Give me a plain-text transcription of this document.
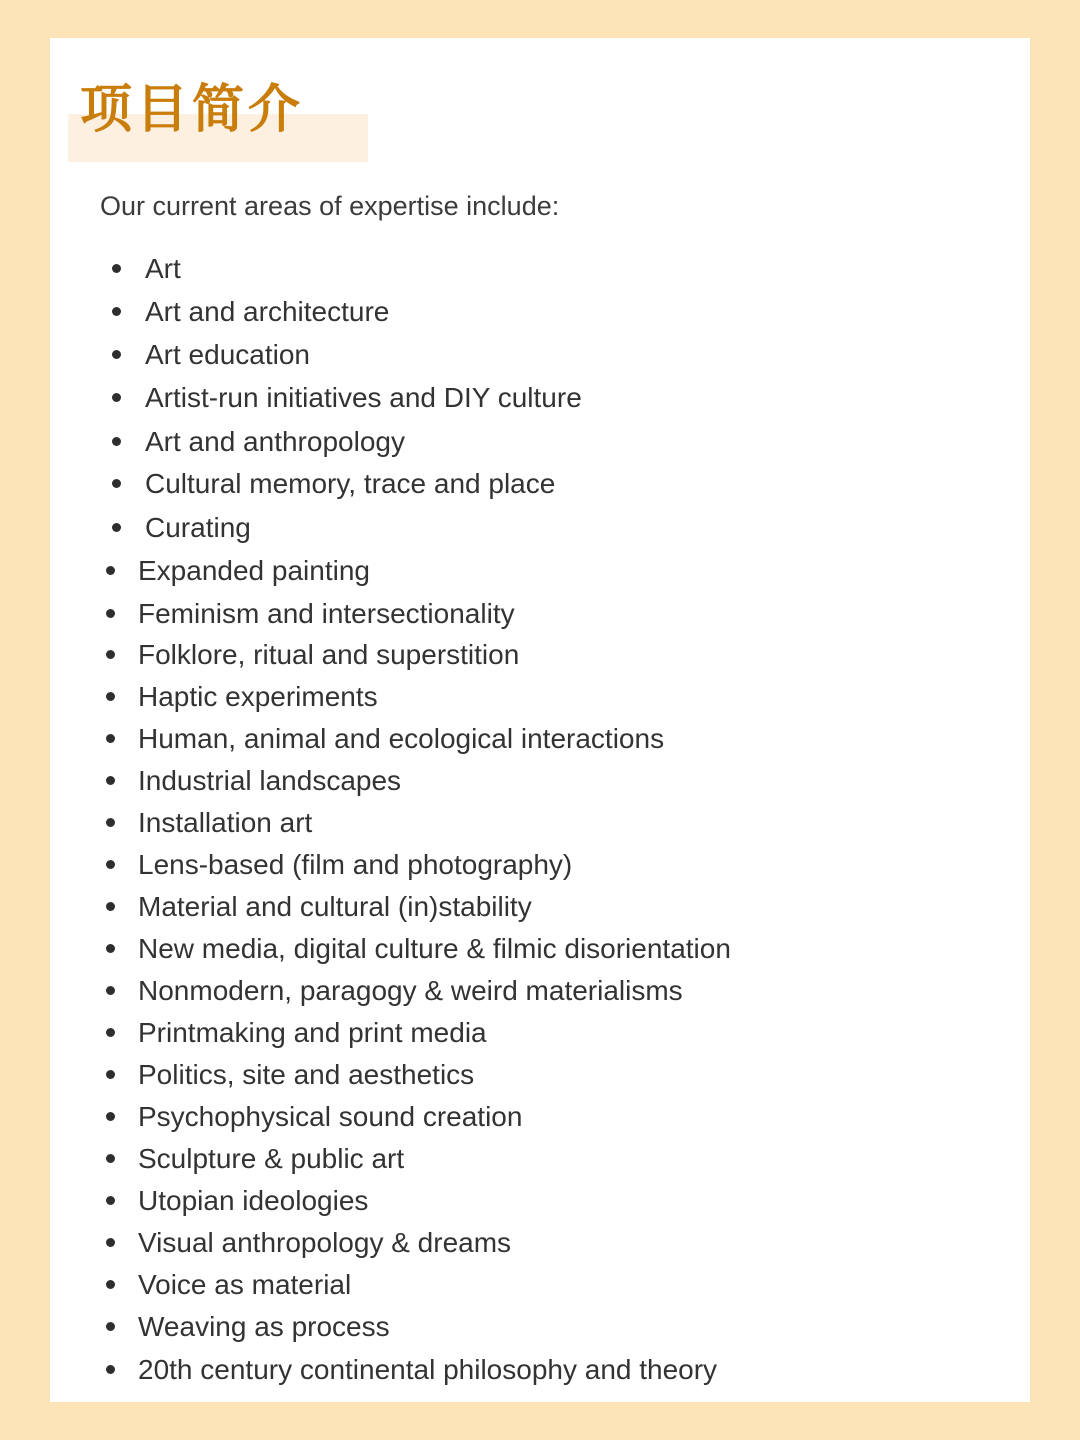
项目简介

Our current areas of expertise include:

Art
Art and architecture
Art education
Artist-run initiatives and DIY culture
Art and anthropology
Cultural memory, trace and place
Curating
Expanded painting
Feminism and intersectionality
Folklore, ritual and superstition
Haptic experiments
Human, animal and ecological interactions
Industrial landscapes
Installation art
Lens-based (film and photography)
Material and cultural (in)stability
New media, digital culture & filmic disorientation
Nonmodern, paragogy & weird materialisms
Printmaking and print media
Politics, site and aesthetics
Psychophysical sound creation
Sculpture & public art
Utopian ideologies
Visual anthropology & dreams
Voice as material
Weaving as process
20th century continental philosophy and theory
